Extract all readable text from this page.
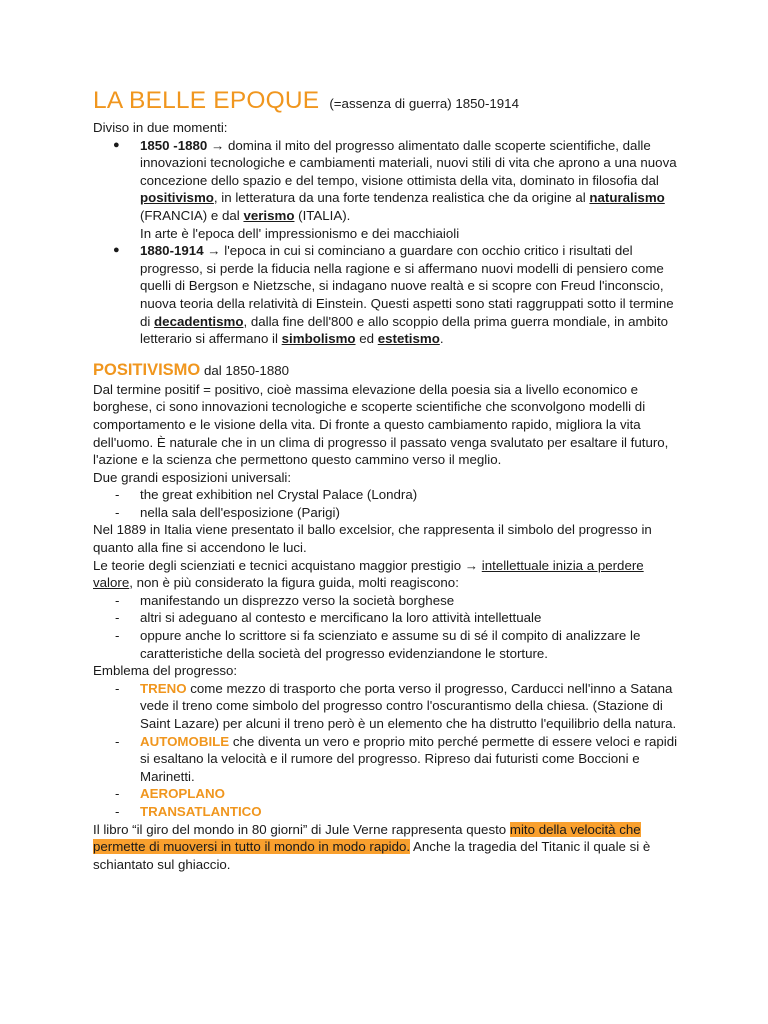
LA BELLE EPOQUE (=assenza di guerra) 1850-1914

Diviso in due momenti:

● 1850 -1880 → domina il mito del progresso alimentato dalle scoperte scientifiche, dalle innovazioni tecnologiche e cambiamenti materiali, nuovi stili di vita che aprono a una nuova concezione dello spazio e del tempo, visione ottimista della vita, dominato in filosofia dal positivismo, in letteratura da una forte tendenza realistica che da origine al naturalismo (FRANCIA) e dal verismo (ITALIA).
In arte è l'epoca dell' impressionismo e dei macchiaioli
● 1880-1914 → l'epoca in cui si cominciano a guardare con occhio critico i risultati del progresso, si perde la fiducia nella ragione e si affermano nuovi modelli di pensiero come quelli di Bergson e Nietzsche, si indagano nuove realtà e si scopre con Freud l'inconscio, nuova teoria della relatività di Einstein. Questi aspetti sono stati raggruppati sotto il termine di decadentismo, dalla fine dell'800 e allo scoppio della prima guerra mondiale, in ambito letterario si affermano il simbolismo ed estetismo.
POSITIVISMO dal 1850-1880

Dal termine positif = positivo, cioè massima elevazione della poesia sia a livello economico e borghese, ci sono innovazioni tecnologiche e scoperte scientifiche che sconvolgono modelli di comportamento e le visione della vita. Di fronte a questo cambiamento rapido, migliora la vita dell'uomo. È naturale che in un clima di progresso il passato venga svalutato per esaltare il futuro, l'azione e la scienza che permettono questo cammino verso il meglio.

Due grandi esposizioni universali:

- the great exhibition nel Crystal Palace (Londra)
- nella sala dell'esposizione (Parigi)

Nel 1889 in Italia viene presentato il ballo excelsior, che rappresenta il simbolo del progresso in quanto alla fine si accendono le luci.

Le teorie degli scienziati e tecnici acquistano maggior prestigio → intellettuale inizia a perdere valore, non è più considerato la figura guida, molti reagiscono:

- manifestando un disprezzo verso la società borghese
- altri si adeguano al contesto e mercificano la loro attività intellettuale
- oppure anche lo scrittore si fa scienziato e assume su di sé il compito di analizzare le caratteristiche della società del progresso evidenziandone le storture.

Emblema del progresso:

- TRENO come mezzo di trasporto che porta verso il progresso, Carducci nell'inno a Satana vede il treno come simbolo del progresso contro l'oscurantismo della chiesa. (Stazione di Saint Lazare) per alcuni il treno però è un elemento che ha distrutto l'equilibrio della natura.
- AUTOMOBILE che diventa un vero e proprio mito perché permette di essere veloci e rapidi si esaltano la velocità e il rumore del progresso. Ripreso dai futuristi come Boccioni e Marinetti.
- AEROPLANO
- TRANSATLANTICO

Il libro “il giro del mondo in 80 giorni” di Jule Verne rappresenta questo mito della velocità che permette di muoversi in tutto il mondo in modo rapido. Anche la tragedia del Titanic il quale si è schiantato sul ghiaccio.
